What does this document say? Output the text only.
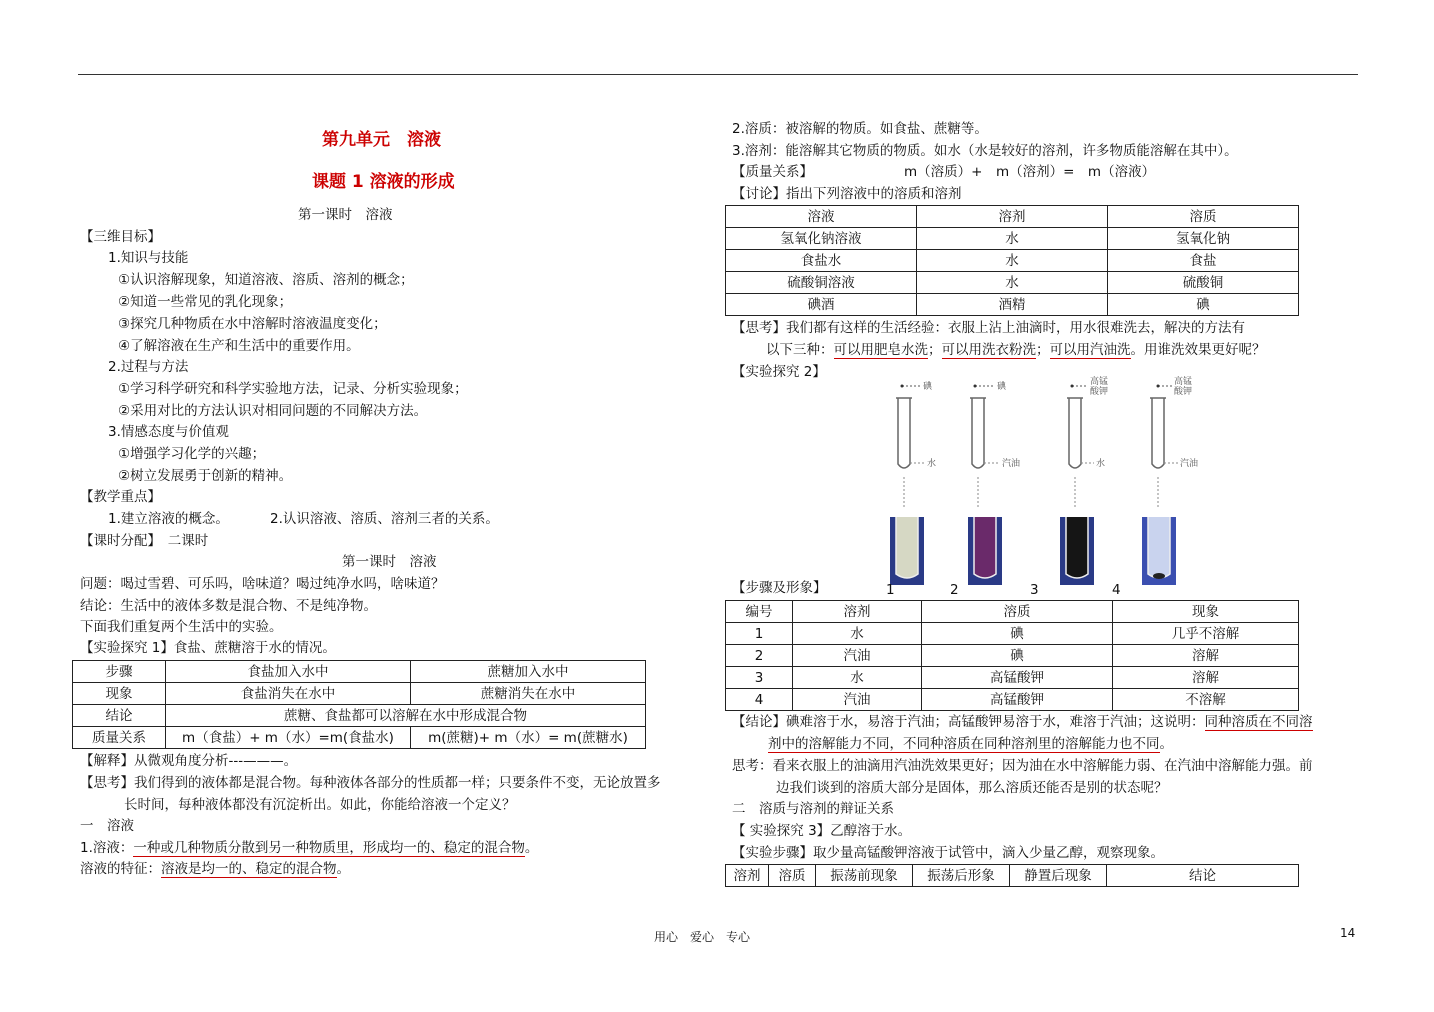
第九单元　溶液
课题 1 溶液的形成
第一课时　溶液
【三维目标】
1.知识与技能
①认识溶解现象，知道溶液、溶质、溶剂的概念；
②知道一些常见的乳化现象；
③探究几种物质在水中溶解时溶液温度变化；
④了解溶液在生产和生活中的重要作用。
2.过程与方法
①学习科学研究和科学实验地方法，记录、分析实验现象；
②采用对比的方法认识对相同问题的不同解决方法。
3.情感态度与价值观
①增强学习化学的兴趣；
②树立发展勇于创新的精神。
【教学重点】
1.建立溶液的概念。	2.认识溶液、溶质、溶剂三者的关系。
【课时分配】　二课时
第一课时　溶液
问题：喝过雪碧、可乐吗，啥味道？喝过纯净水吗，啥味道？
结论：生活中的液体多数是混合物、不是纯净物。
下面我们重复两个生活中的实验。
【实验探究 1】食盐、蔗糖溶于水的情况。
步骤	食盐加入水中	蔗糖加入水中
现象	食盐消失在水中	蔗糖消失在水中
结论	蔗糖、食盐都可以溶解在水中形成混合物	
质量关系	m（食盐）+ m（水）=m(食盐水)	m(蔗糖)+ m（水）= m(蔗糖水)
【解释】从微观角度分析---———。
【思考】我们得到的液体都是混合物。每种液体各部分的性质都一样；只要条件不变，无论放置多
长时间，每种液体都没有沉淀析出。如此，你能给溶液一个定义？
一　溶液
1.溶液：一种或几种物质分散到另一种物质里，形成均一的、稳定的混合物。
溶液的特征：溶液是均一的、稳定的混合物。
2.溶质：被溶解的物质。如食盐、蔗糖等。
3.溶剂：能溶解其它物质的物质。如水（水是较好的溶剂，许多物质能溶解在其中）。
【质量关系】	m（溶质）+　m（溶剂）=　m（溶液）
【讨论】指出下列溶液中的溶质和溶剂
溶液	溶剂	溶质
氢氧化钠溶液	水	氢氧化钠
食盐水	水	食盐
硫酸铜溶液	水	硫酸铜
碘酒	酒精	碘
【思考】我们都有这样的生活经验：衣服上沾上油滴时，用水很难洗去，解决的方法有
以下三种：可以用肥皂水洗；可以用洗衣粉洗；可以用汽油洗。用谁洗效果更好呢？
【实验探究 2】
碘
水
碘
汽油
高锰酸钾
水
高锰酸钾
汽油
【步骤及形象】	1	2	3	4
编号	溶剂	溶质	现象
1	水	碘	几乎不溶解
2	汽油	碘	溶解
3	水	高锰酸钾	溶解
4	汽油	高锰酸钾	不溶解
【结论】碘难溶于水，易溶于汽油；高锰酸钾易溶于水，难溶于汽油；这说明：同种溶质在不同溶
剂中的溶解能力不同，不同种溶质在同种溶剂里的溶解能力也不同。
思考：看来衣服上的油滴用汽油洗效果更好；因为油在水中溶解能力弱、在汽油中溶解能力强。前
边我们谈到的溶质大部分是固体，那么溶质还能否是别的状态呢？
二　溶质与溶剂的辩证关系
【 实验探究 3】乙醇溶于水。
【实验步骤】取少量高锰酸钾溶液于试管中，滴入少量乙醇，观察现象。
溶剂	溶质	振荡前现象	振荡后形象	静置后现象	结论
用心　爱心　专心	14
